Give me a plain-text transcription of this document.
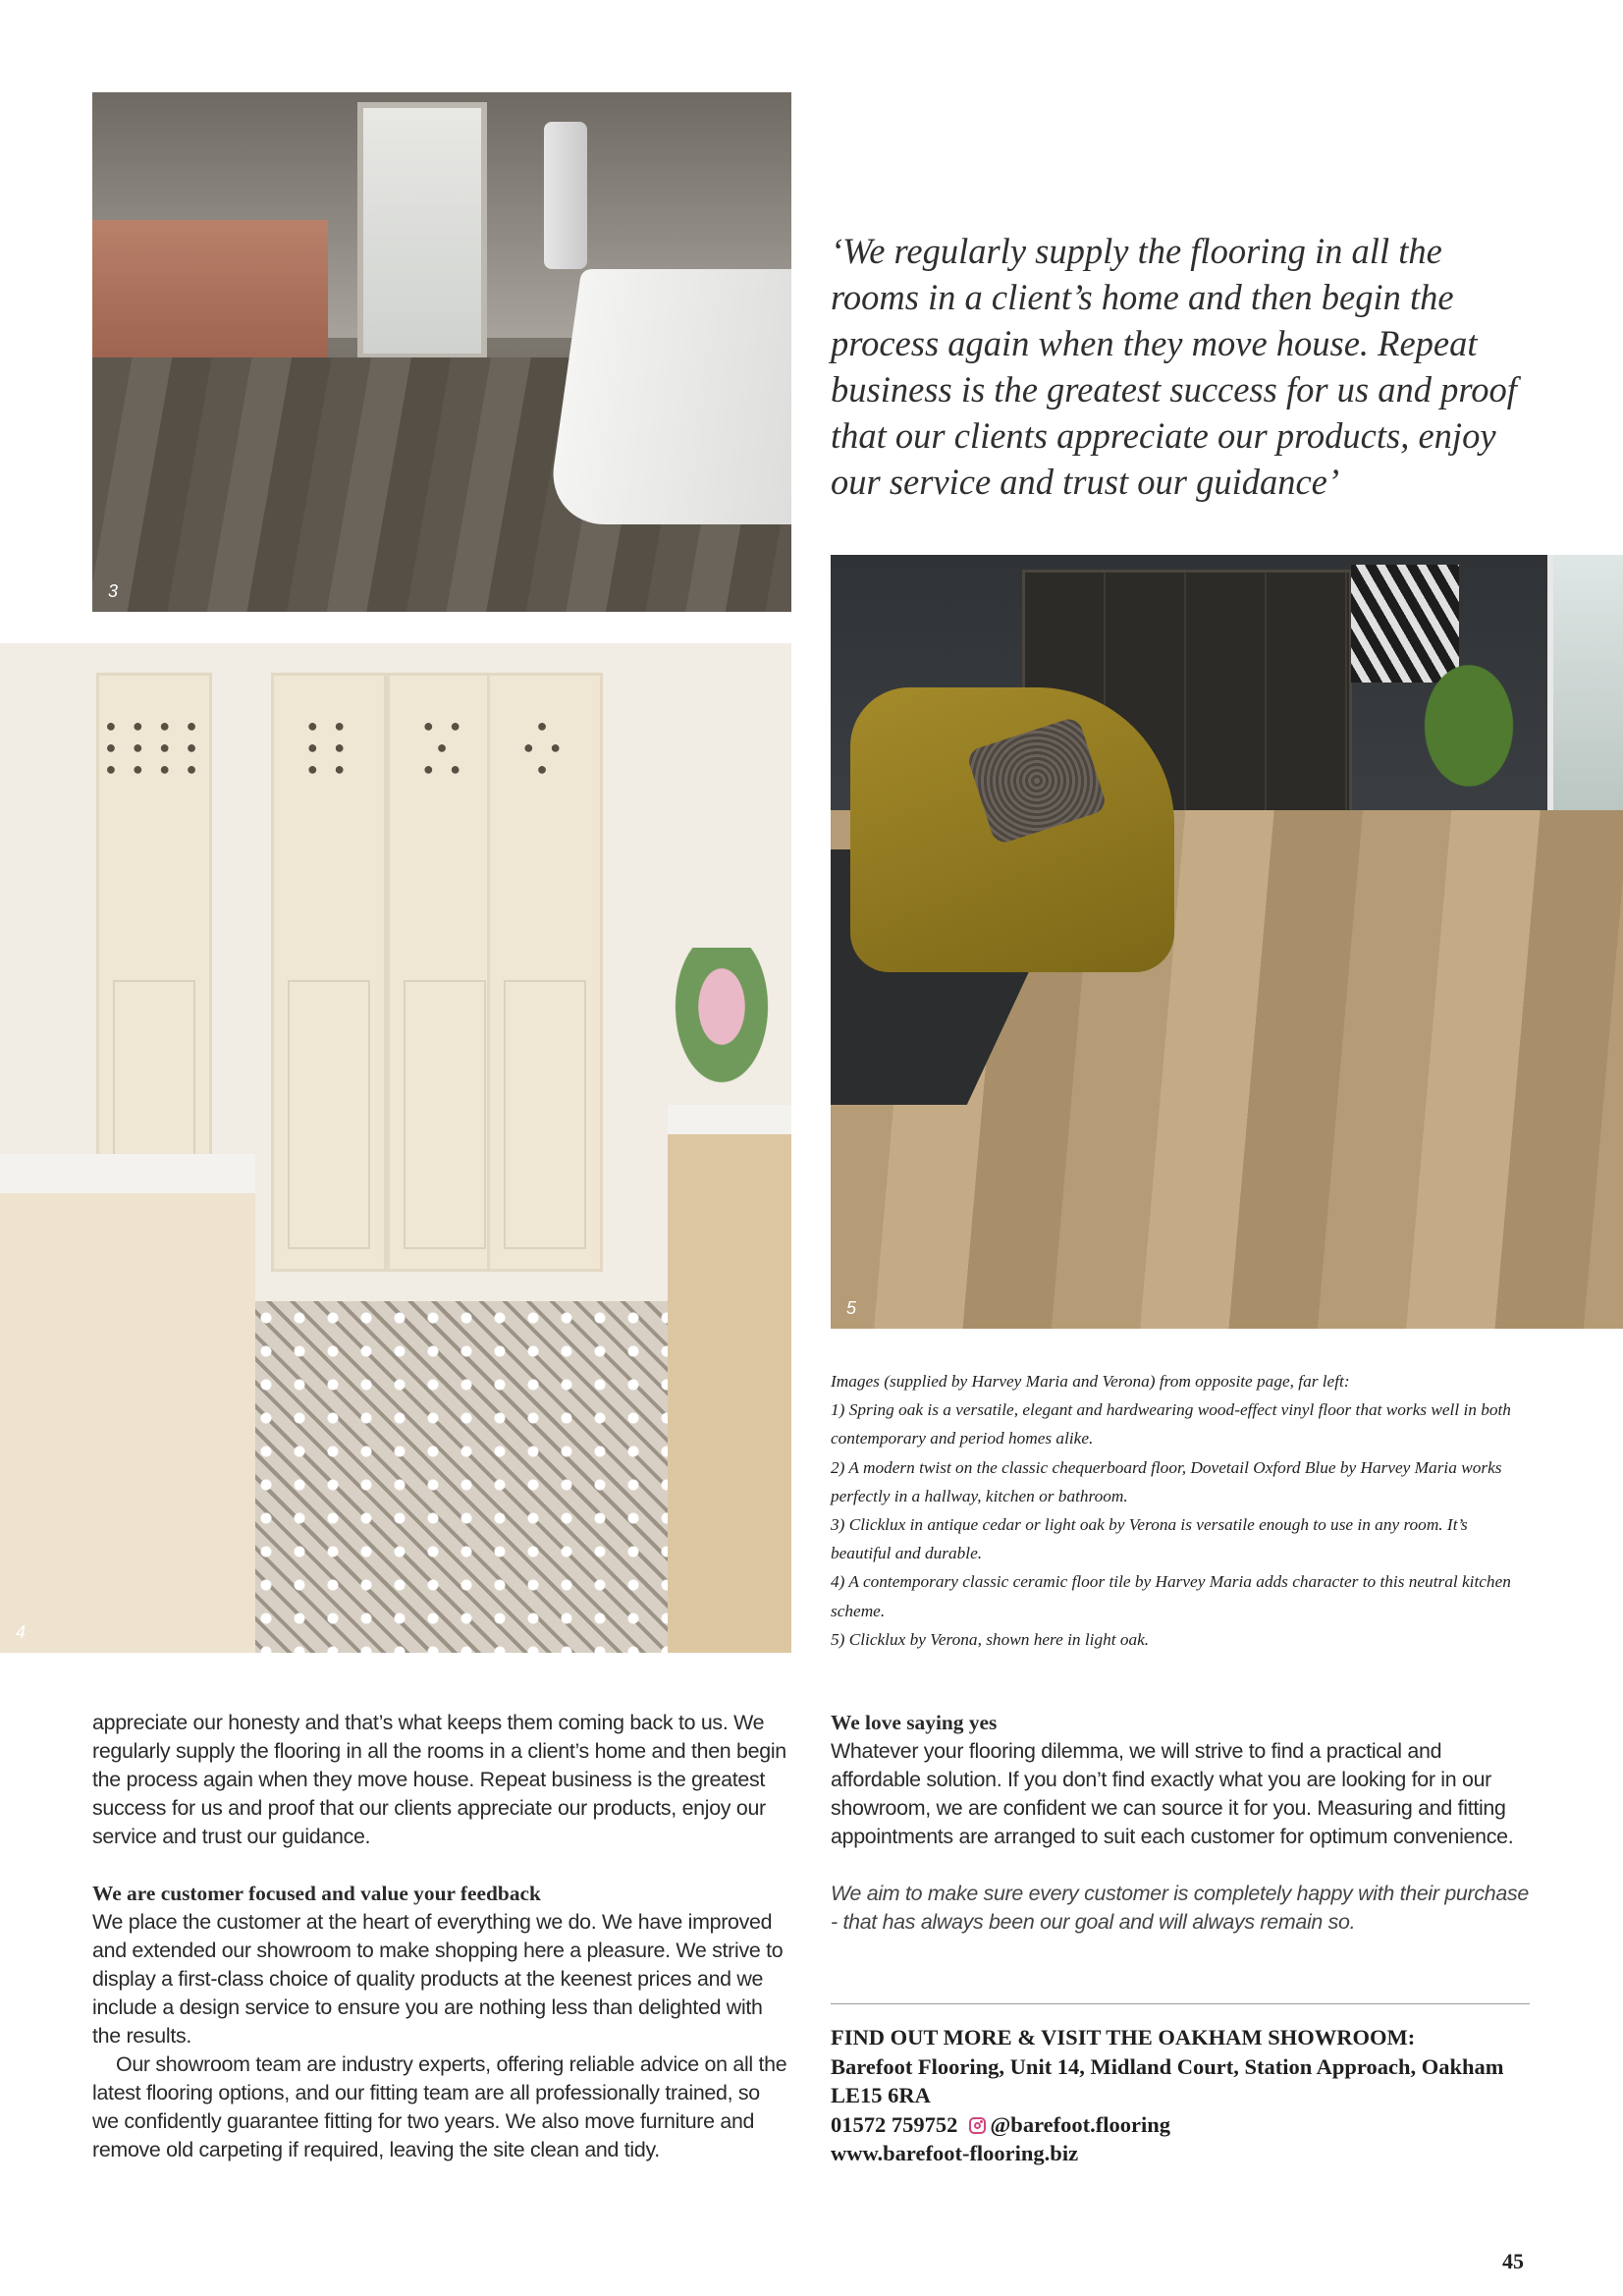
3
● ● ● ●
● ● ● ●
● ● ● ●
● ●
● ●
● ●
● ●
●
● ●
●
● ●
●
4

‘We regularly supply the flooring in all the rooms in a client’s home and then begin the process again when they move house. Repeat business is the greatest success for us and proof that our clients appreciate our products, enjoy our service and trust our guidance’

5

Images (supplied by Harvey Maria and Verona) from opposite page, far left:

1) Spring oak is a versatile, elegant and hardwearing wood-effect vinyl floor that works well in both contemporary and period homes alike.

2) A modern twist on the classic chequerboard floor, Dovetail Oxford Blue by Harvey Maria works perfectly in a hallway, kitchen or bathroom.

3) Clicklux in antique cedar or light oak by Verona is versatile enough to use in any room. It’s beautiful and durable.

4) A contemporary classic ceramic floor tile by Harvey Maria adds character to this neutral kitchen scheme.

5) Clicklux by Verona, shown here in light oak.

appreciate our honesty and that’s what keeps them coming back to us. We regularly supply the flooring in all the rooms in a client’s home and then begin the process again when they move house. Repeat business is the greatest success for us and proof that our clients appreciate our products, enjoy our service and trust our guidance.

We are customer focused and value your feedback

We place the customer at the heart of everything we do. We have improved and extended our showroom to make shopping here a pleasure. We strive to display a first-class choice of quality products at the keenest prices and we include a design service to ensure you are nothing less than delighted with the results.

Our showroom team are industry experts, offering reliable advice on all the latest flooring options, and our fitting team are all professionally trained, so we confidently guarantee fitting for two years. We also move furniture and remove old carpeting if required, leaving the site clean and tidy.

We love saying yes

Whatever your flooring dilemma, we will strive to find a practical and affordable solution. If you don’t find exactly what you are looking for in our showroom, we are confident we can source it for you. Measuring and fitting appointments are arranged to suit each customer for optimum convenience.

We aim to make sure every customer is completely happy with their purchase - that has always been our goal and will always remain so.

FIND OUT MORE & VISIT THE OAKHAM SHOWROOM:

Barefoot Flooring, Unit 14, Midland Court, Station Approach, Oakham LE15 6RA

01572 759752 @barefoot.flooring

www.barefoot-flooring.biz

45
